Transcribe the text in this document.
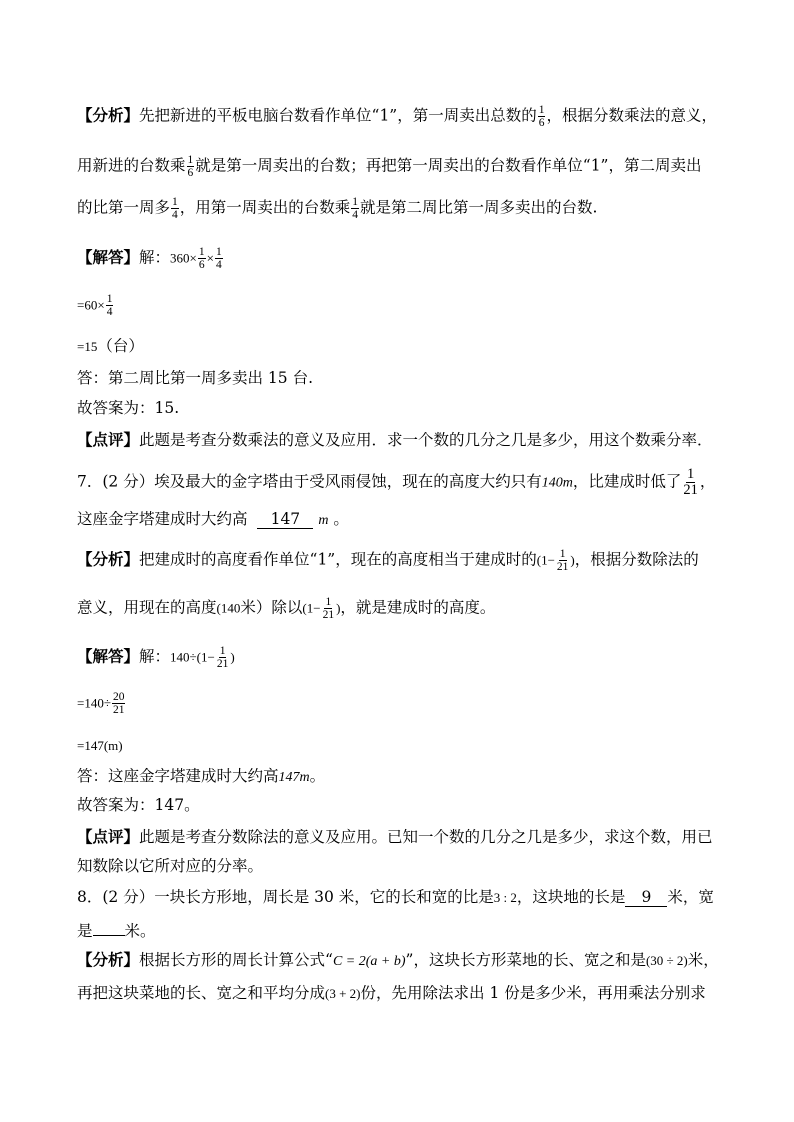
【分析】先把新进的平板电脑台数看作单位“1”，第一周卖出总数的 $\frac{1}{6}$ ，根据分数乘法的意义，
用新进的台数乘 $\frac{1}{6}$ 就是第一周卖出的台数；再把第一周卖出的台数看作单位“1”，第二周卖出
的比第一周多 $\frac{1}{4}$ ，用第一周卖出的台数乘 $\frac{1}{4}$ 就是第二周比第一周多卖出的台数.
【解答】解：$360\times \frac{1}{6} \times \frac{1}{4}$
$=60\times \frac{1}{4}$
=15（台）
答：第二周比第一周多卖出 15 台.
故答案为：15.
【点评】此题是考查分数乘法的意义及应用．求一个数的几分之几是多少，用这个数乘分率．
7．(2 分）埃及最大的金字塔由于受风雨侵蚀，现在的高度大约只有140m，比建成时低了 $\frac{1}{21}$ ，
这座金字塔建成时大约高 147 m 。
【分析】把建成时的高度看作单位“1”，现在的高度相当于建成时的($1- \frac{1}{21}$ )，根据分数除法的
意义，用现在的高度(140米）除以($1- \frac{1}{21}$ )，就是建成时的高度。
【解答】解：$140\div(1- \frac{1}{21}$ )
$=140\div \frac{20}{21}$
=147(m)
答：这座金字塔建成时大约高147m。
故答案为：147。
【点评】此题是考查分数除法的意义及应用。已知一个数的几分之几是多少，求这个数，用已
知数除以它所对应的分率。
8．(2 分）一块长方形地，周长是 30 米，它的长和宽的比是3 : 2，这块地的长是 9 米，宽
是 米。
【分析】根据长方形的周长计算公式“C = 2(a + b)”，这块长方形菜地的长、宽之和是(30 ÷ 2)米，
再把这块菜地的长、宽之和平均分成(3 + 2)份，先用除法求出 1 份是多少米，再用乘法分别求
